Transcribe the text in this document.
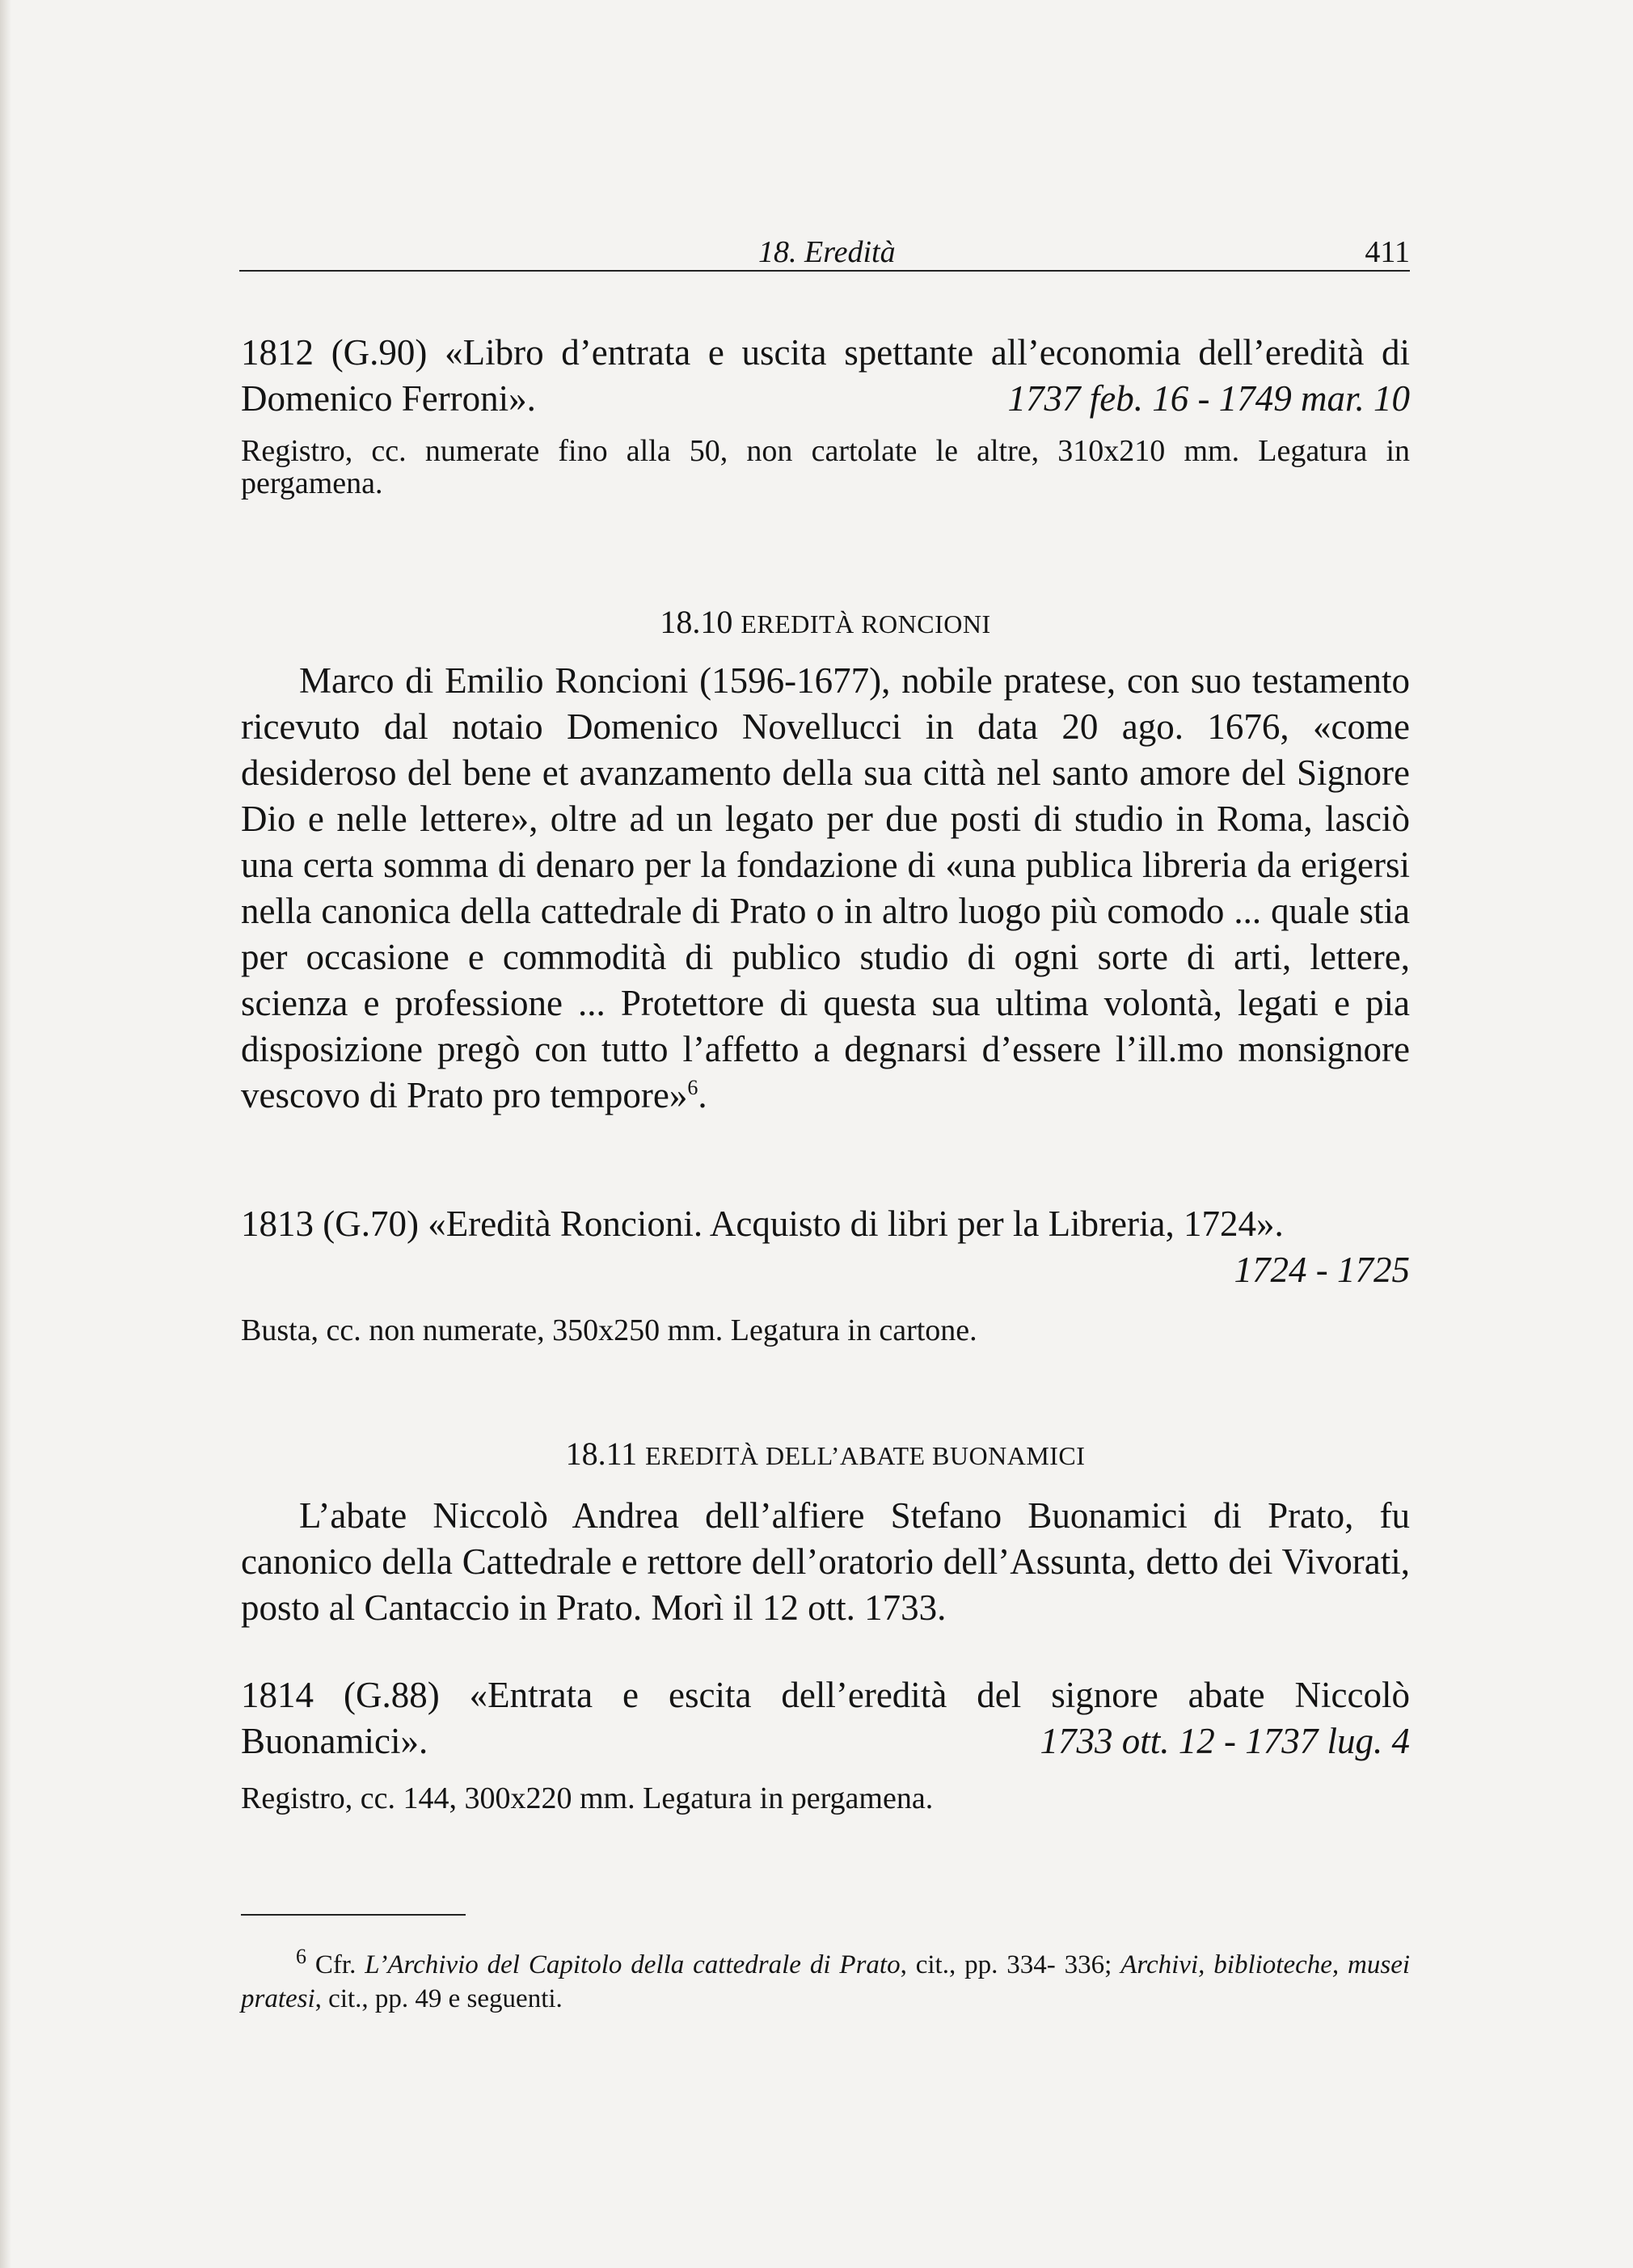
18. Eredità	411
1812 (G.90) «Libro d’entrata e uscita spettante all’economia dell’eredità di Domenico Ferroni».	1737 feb. 16 - 1749 mar. 10
Registro, cc. numerate fino alla 50, non cartolate le altre, 310x210 mm. Legatura in pergamena.
18.10 EREDITÀ RONCIONI
Marco di Emilio Roncioni (1596-1677), nobile pratese, con suo testamento ricevuto dal notaio Domenico Novellucci in data 20 ago. 1676, «come desideroso del bene et avanzamento della sua città nel santo amore del Signore Dio e nelle lettere», oltre ad un legato per due posti di studio in Roma, lasciò una certa somma di denaro per la fondazione di «una publica libreria da erigersi nella canonica della cattedrale di Prato o in altro luogo più comodo ... quale stia per occasione e commodità di publico studio di ogni sorte di arti, lettere, scienza e professione ... Protettore di questa sua ultima volontà, legati e pia disposizione pregò con tutto l’affetto a degnarsi d’essere l’ill.mo monsignore vescovo di Prato pro tempore»$^6$.
1813 (G.70) «Eredità Roncioni. Acquisto di libri per la Libreria, 1724».
1724 - 1725
Busta, cc. non numerate, 350x250 mm. Legatura in cartone.
18.11 EREDITÀ DELL’ABATE BUONAMICI
L’abate Niccolò Andrea dell’alfiere Stefano Buonamici di Prato, fu canonico della Cattedrale e rettore dell’oratorio dell’Assunta, detto dei Vivorati, posto al Cantaccio in Prato. Morì il 12 ott. 1733.
1814 (G.88) «Entrata e escita dell’eredità del signore abate Niccolò Buonamici».	1733 ott. 12 - 1737 lug. 4
Registro, cc. 144, 300x220 mm. Legatura in pergamena.
$^6$ Cfr. L’Archivio del Capitolo della cattedrale di Prato, cit., pp. 334- 336; Archivi, biblioteche, musei pratesi, cit., pp. 49 e seguenti.
